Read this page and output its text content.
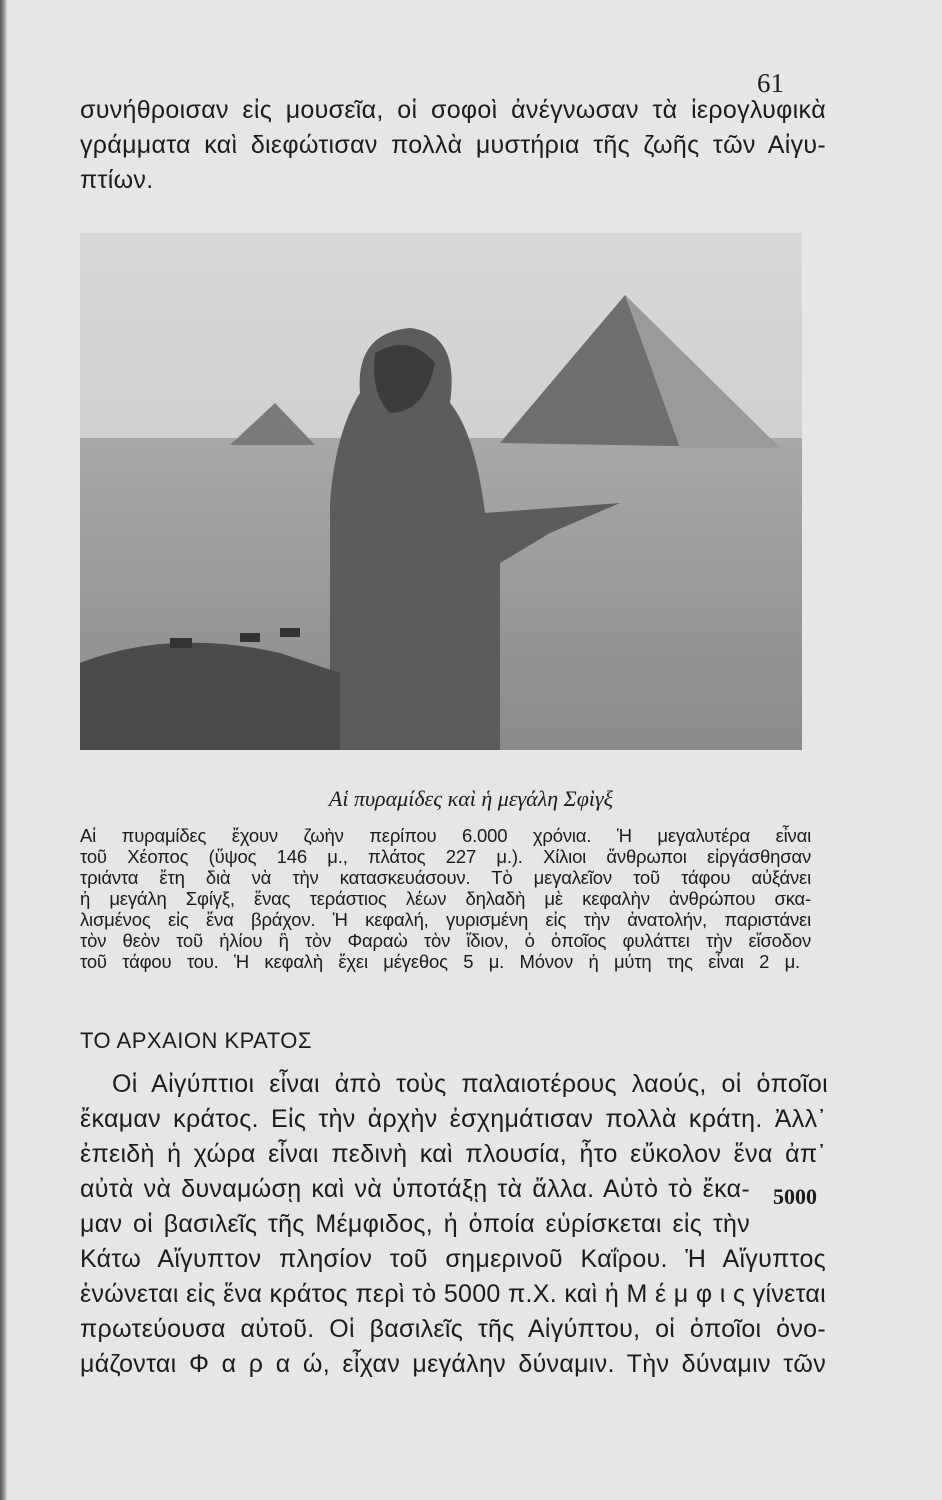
61
συνήθροισαν εἰς μουσεῖα, οἱ σοφοὶ ἀνέγνωσαν τὰ ἱερογλυφικὰ
γράμματα καὶ διεφώτισαν πολλὰ μυστήρια τῆς ζωῆς τῶν Αἰγυ-
πτίων.
Αἱ πυραμίδες καὶ ἡ μεγάλη Σφὶγξ
Αἱ πυραμίδες ἔχουν ζωὴν περίπου 6.000 χρόνια. Ἡ μεγαλυτέρα εἶναι
τοῦ Χέοπος (ὕψος 146 μ., πλάτος 227 μ.). Χίλιοι ἄνθρωποι εἰργάσθησαν
τριάντα ἔτη διὰ νὰ τὴν κατασκευάσουν. Τὸ μεγαλεῖον τοῦ τάφου αὐξάνει
ἡ μεγάλη Σφίγξ, ἕνας τεράστιος λέων δηλαδὴ μὲ κεφαλὴν ἀνθρώπου σκα-
λισμένος εἰς ἕνα βράχον. Ἡ κεφαλή, γυρισμένη εἰς τὴν ἀνατολήν, παριστάνει
τὸν θεὸν τοῦ ἡλίου ἢ τὸν Φαραὼ τὸν ἴδιον, ὁ ὁποῖος φυλάττει τὴν εἴσοδον
τοῦ τάφου του. Ἡ κεφαλὴ ἔχει μέγεθος 5 μ. Μόνον ἡ μύτη της εἶναι 2 μ.
ΤΟ ΑΡΧΑΙΟΝ ΚΡΑΤΟΣ
5000
Οἱ Αἰγύπτιοι εἶναι ἀπὸ τοὺς παλαιοτέρους λαούς, οἱ ὁποῖοι
ἔκαμαν κράτος. Εἰς τὴν ἀρχὴν ἐσχημάτισαν πολλὰ κράτη. Ἀλλ᾽
ἐπειδὴ ἡ χώρα εἶναι πεδινὴ καὶ πλουσία, ἦτο εὔκολον ἕνα ἀπ᾽
αὐτὰ νὰ δυναμώσῃ καὶ νὰ ὑποτάξῃ τὰ ἄλλα. Αὐτὸ τὸ ἔκα-
μαν οἱ βασιλεῖς τῆς Μέμφιδος, ἡ ὁποία εὑρίσκεται εἰς τὴν
Κάτω Αἴγυπτον πλησίον τοῦ σημερινοῦ Καΐρου. Ἡ Αἴγυπτος
ἑνώνεται εἰς ἕνα κράτος περὶ τὸ 5000 π.Χ. καὶ ἡ Μ έ μ φ ι ς γίνεται
πρωτεύουσα αὐτοῦ. Οἱ βασιλεῖς τῆς Αἰγύπτου, οἱ ὁποῖοι ὀνο-
μάζονται Φ α ρ α ώ, εἶχαν μεγάλην δύναμιν. Τὴν δύναμιν τῶν
